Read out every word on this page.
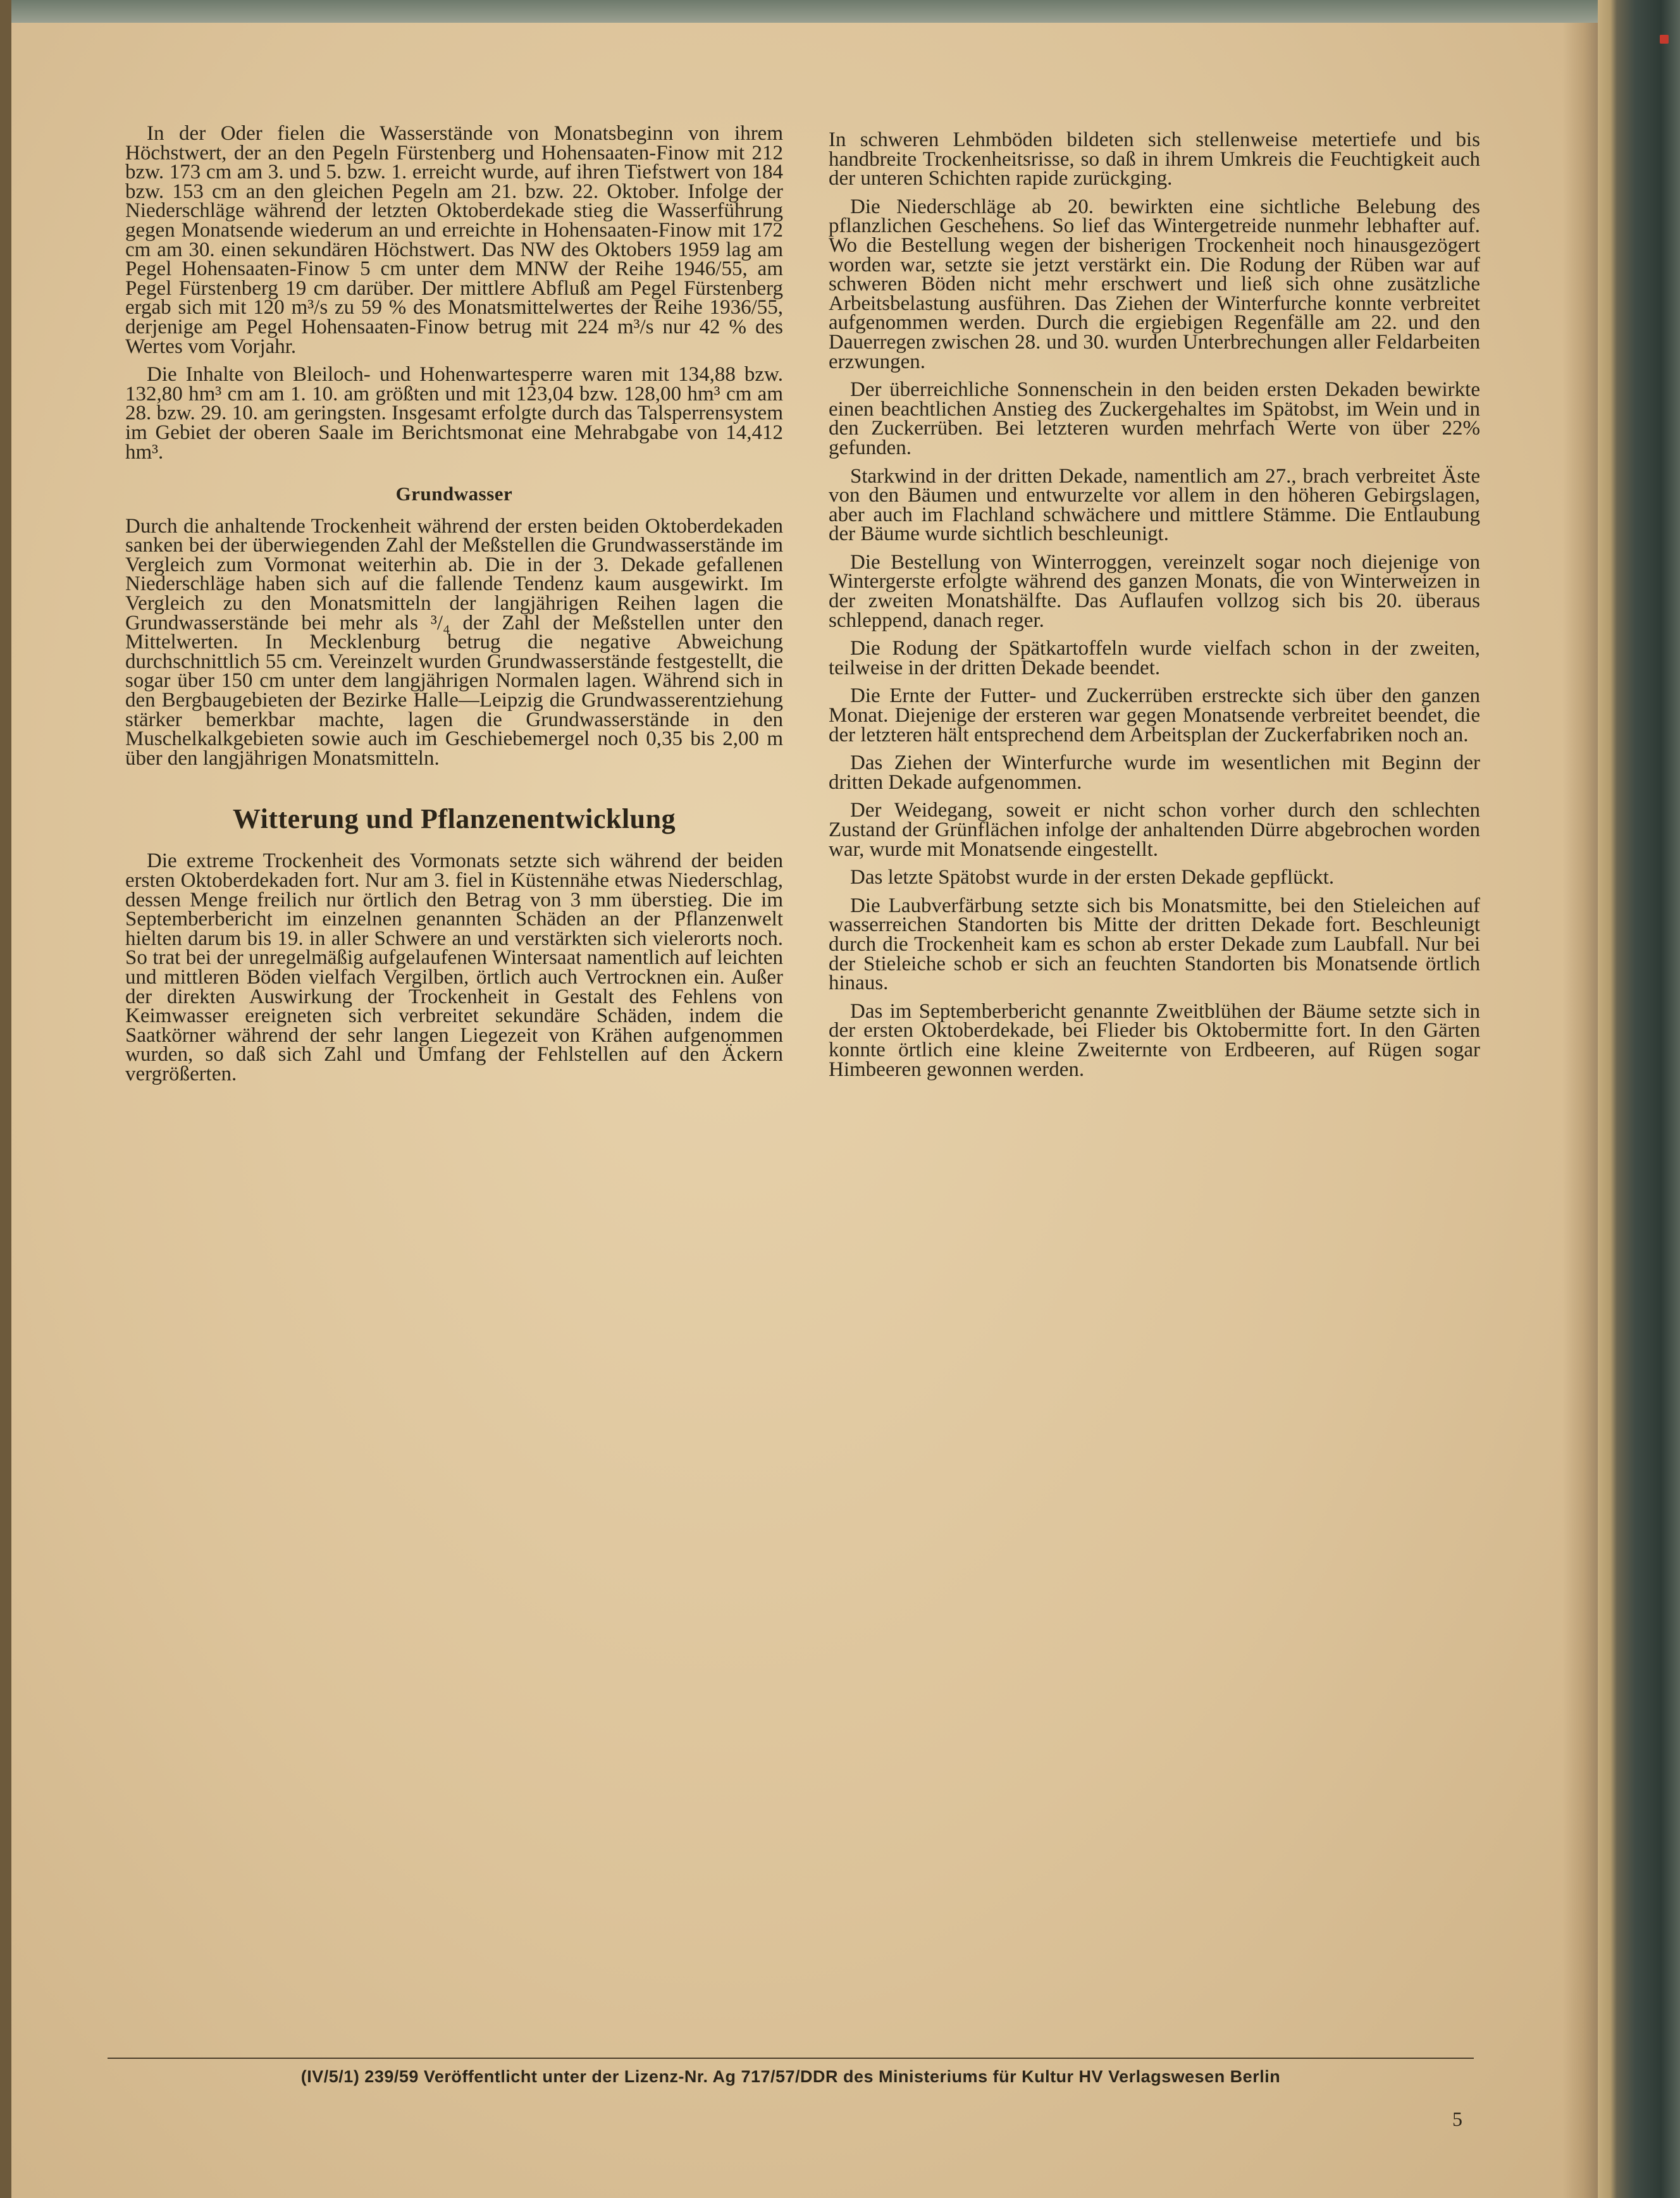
In der Oder fielen die Wasserstände von Monatsbeginn von ihrem Höchstwert, der an den Pegeln Fürstenberg und Hohensaaten-Finow mit 212 bzw. 173 cm am 3. und 5. bzw. 1. erreicht wurde, auf ihren Tiefstwert von 184 bzw. 153 cm an den gleichen Pegeln am 21. bzw. 22. Oktober. Infolge der Niederschläge während der letzten Oktoberdekade stieg die Wasserführung gegen Monatsende wiederum an und erreichte in Hohensaaten-Finow mit 172 cm am 30. einen sekundären Höchstwert. Das NW des Oktobers 1959 lag am Pegel Hohensaaten-Finow 5 cm unter dem MNW der Reihe 1946/55, am Pegel Fürstenberg 19 cm darüber. Der mittlere Abfluß am Pegel Fürstenberg ergab sich mit 120 m³/s zu 59 % des Monatsmittelwertes der Reihe 1936/55, derjenige am Pegel Hohensaaten-Finow betrug mit 224 m³/s nur 42 % des Wertes vom Vorjahr.

Die Inhalte von Bleiloch- und Hohenwartesperre waren mit 134,88 bzw. 132,80 hm³ cm am 1. 10. am größten und mit 123,04 bzw. 128,00 hm³ cm am 28. bzw. 29. 10. am geringsten. Insgesamt erfolgte durch das Talsperrensystem im Gebiet der oberen Saale im Berichtsmonat eine Mehrabgabe von 14,412 hm³.

Grundwasser

Durch die anhaltende Trockenheit während der ersten beiden Oktoberdekaden sanken bei der überwiegenden Zahl der Meßstellen die Grundwasserstände im Vergleich zum Vormonat weiterhin ab. Die in der 3. Dekade gefallenen Niederschläge haben sich auf die fallende Tendenz kaum ausgewirkt. Im Vergleich zu den Monatsmitteln der langjährigen Reihen lagen die Grundwasserstände bei mehr als ³/₄ der Zahl der Meßstellen unter den Mittelwerten. In Mecklenburg betrug die negative Abweichung durchschnittlich 55 cm. Vereinzelt wurden Grundwasserstände festgestellt, die sogar über 150 cm unter dem langjährigen Normalen lagen. Während sich in den Bergbaugebieten der Bezirke Halle—Leipzig die Grundwasserentziehung stärker bemerkbar machte, lagen die Grundwasserstände in den Muschelkalkgebieten sowie auch im Geschiebemergel noch 0,35 bis 2,00 m über den langjährigen Monatsmitteln.

Witterung und Pflanzenentwicklung

Die extreme Trockenheit des Vormonats setzte sich während der beiden ersten Oktoberdekaden fort. Nur am 3. fiel in Küstennähe etwas Niederschlag, dessen Menge freilich nur örtlich den Betrag von 3 mm überstieg. Die im Septemberbericht im einzelnen genannten Schäden an der Pflanzenwelt hielten darum bis 19. in aller Schwere an und verstärkten sich vielerorts noch. So trat bei der unregelmäßig aufgelaufenen Wintersaat namentlich auf leichten und mittleren Böden vielfach Vergilben, örtlich auch Vertrocknen ein. Außer der direkten Auswirkung der Trockenheit in Gestalt des Fehlens von Keimwasser ereigneten sich verbreitet sekundäre Schäden, indem die Saatkörner während der sehr langen Liegezeit von Krähen aufgenommen wurden, so daß sich Zahl und Umfang der Fehlstellen auf den Äckern vergrößerten.

In schweren Lehmböden bildeten sich stellenweise metertiefe und bis handbreite Trockenheitsrisse, so daß in ihrem Umkreis die Feuchtigkeit auch der unteren Schichten rapide zurückging.

Die Niederschläge ab 20. bewirkten eine sichtliche Belebung des pflanzlichen Geschehens. So lief das Wintergetreide nunmehr lebhafter auf. Wo die Bestellung wegen der bisherigen Trockenheit noch hinausgezögert worden war, setzte sie jetzt verstärkt ein. Die Rodung der Rüben war auf schweren Böden nicht mehr erschwert und ließ sich ohne zusätzliche Arbeitsbelastung ausführen. Das Ziehen der Winterfurche konnte verbreitet aufgenommen werden. Durch die ergiebigen Regenfälle am 22. und den Dauerregen zwischen 28. und 30. wurden Unterbrechungen aller Feldarbeiten erzwungen.

Der überreichliche Sonnenschein in den beiden ersten Dekaden bewirkte einen beachtlichen Anstieg des Zuckergehaltes im Spätobst, im Wein und in den Zuckerrüben. Bei letzteren wurden mehrfach Werte von über 22% gefunden.

Starkwind in der dritten Dekade, namentlich am 27., brach verbreitet Äste von den Bäumen und entwurzelte vor allem in den höheren Gebirgslagen, aber auch im Flachland schwächere und mittlere Stämme. Die Entlaubung der Bäume wurde sichtlich beschleunigt.

Die Bestellung von Winterroggen, vereinzelt sogar noch diejenige von Wintergerste erfolgte während des ganzen Monats, die von Winterweizen in der zweiten Monatshälfte. Das Auflaufen vollzog sich bis 20. überaus schleppend, danach reger.

Die Rodung der Spätkartoffeln wurde vielfach schon in der zweiten, teilweise in der dritten Dekade beendet.

Die Ernte der Futter- und Zuckerrüben erstreckte sich über den ganzen Monat. Diejenige der ersteren war gegen Monatsende verbreitet beendet, die der letzteren hält entsprechend dem Arbeitsplan der Zuckerfabriken noch an.

Das Ziehen der Winterfurche wurde im wesentlichen mit Beginn der dritten Dekade aufgenommen.

Der Weidegang, soweit er nicht schon vorher durch den schlechten Zustand der Grünflächen infolge der anhaltenden Dürre abgebrochen worden war, wurde mit Monatsende eingestellt.

Das letzte Spätobst wurde in der ersten Dekade gepflückt.

Die Laubverfärbung setzte sich bis Monatsmitte, bei den Stieleichen auf wasserreichen Standorten bis Mitte der dritten Dekade fort. Beschleunigt durch die Trockenheit kam es schon ab erster Dekade zum Laubfall. Nur bei der Stieleiche schob er sich an feuchten Standorten bis Monatsende örtlich hinaus.

Das im Septemberbericht genannte Zweitblühen der Bäume setzte sich in der ersten Oktoberdekade, bei Flieder bis Oktobermitte fort. In den Gärten konnte örtlich eine kleine Zweiternte von Erdbeeren, auf Rügen sogar Himbeeren gewonnen werden.

(IV/5/1) 239/59 Veröffentlicht unter der Lizenz-Nr. Ag 717/57/DDR des Ministeriums für Kultur HV Verlagswesen Berlin
5
